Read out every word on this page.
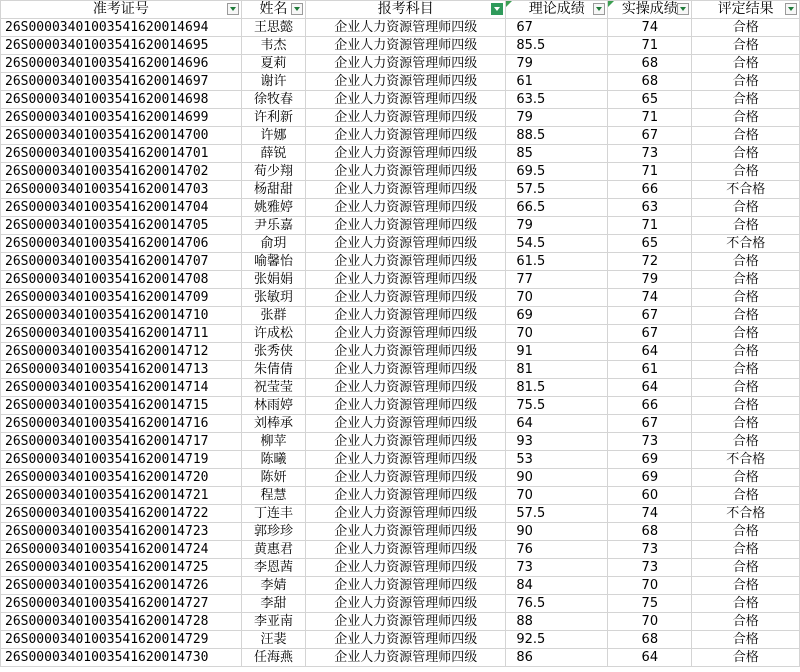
准考证号	姓名	报考科目	理论成绩	实操成绩	评定结果

26S00003401003541620014694	王思懿	企业人力资源管理师四级	67	74	合格
26S00003401003541620014695	韦杰	企业人力资源管理师四级	85.5	71	合格
26S00003401003541620014696	夏莉	企业人力资源管理师四级	79	68	合格
26S00003401003541620014697	谢许	企业人力资源管理师四级	61	68	合格
26S00003401003541620014698	徐牧春	企业人力资源管理师四级	63.5	65	合格
26S00003401003541620014699	许利新	企业人力资源管理师四级	79	71	合格
26S00003401003541620014700	许娜	企业人力资源管理师四级	88.5	67	合格
26S00003401003541620014701	薛锐	企业人力资源管理师四级	85	73	合格
26S00003401003541620014702	荀少翔	企业人力资源管理师四级	69.5	71	合格
26S00003401003541620014703	杨甜甜	企业人力资源管理师四级	57.5	66	不合格
26S00003401003541620014704	姚雅婷	企业人力资源管理师四级	66.5	63	合格
26S00003401003541620014705	尹乐嘉	企业人力资源管理师四级	79	71	合格
26S00003401003541620014706	俞玥	企业人力资源管理师四级	54.5	65	不合格
26S00003401003541620014707	喻馨怡	企业人力资源管理师四级	61.5	72	合格
26S00003401003541620014708	张娟娟	企业人力资源管理师四级	77	79	合格
26S00003401003541620014709	张敏玥	企业人力资源管理师四级	70	74	合格
26S00003401003541620014710	张群	企业人力资源管理师四级	69	67	合格
26S00003401003541620014711	许成松	企业人力资源管理师四级	70	67	合格
26S00003401003541620014712	张秀侠	企业人力资源管理师四级	91	64	合格
26S00003401003541620014713	朱倩倩	企业人力资源管理师四级	81	61	合格
26S00003401003541620014714	祝莹莹	企业人力资源管理师四级	81.5	64	合格
26S00003401003541620014715	林雨婷	企业人力资源管理师四级	75.5	66	合格
26S00003401003541620014716	刘棒承	企业人力资源管理师四级	64	67	合格
26S00003401003541620014717	柳苹	企业人力资源管理师四级	93	73	合格
26S00003401003541620014719	陈曦	企业人力资源管理师四级	53	69	不合格
26S00003401003541620014720	陈妍	企业人力资源管理师四级	90	69	合格
26S00003401003541620014721	程慧	企业人力资源管理师四级	70	60	合格
26S00003401003541620014722	丁连丰	企业人力资源管理师四级	57.5	74	不合格
26S00003401003541620014723	郭珍珍	企业人力资源管理师四级	90	68	合格
26S00003401003541620014724	黄惠君	企业人力资源管理师四级	76	73	合格
26S00003401003541620014725	李恩茜	企业人力资源管理师四级	73	73	合格
26S00003401003541620014726	李婧	企业人力资源管理师四级	84	70	合格
26S00003401003541620014727	李甜	企业人力资源管理师四级	76.5	75	合格
26S00003401003541620014728	李亚南	企业人力资源管理师四级	88	70	合格
26S00003401003541620014729	汪裴	企业人力资源管理师四级	92.5	68	合格
26S00003401003541620014730	任海燕	企业人力资源管理师四级	86	64	合格
